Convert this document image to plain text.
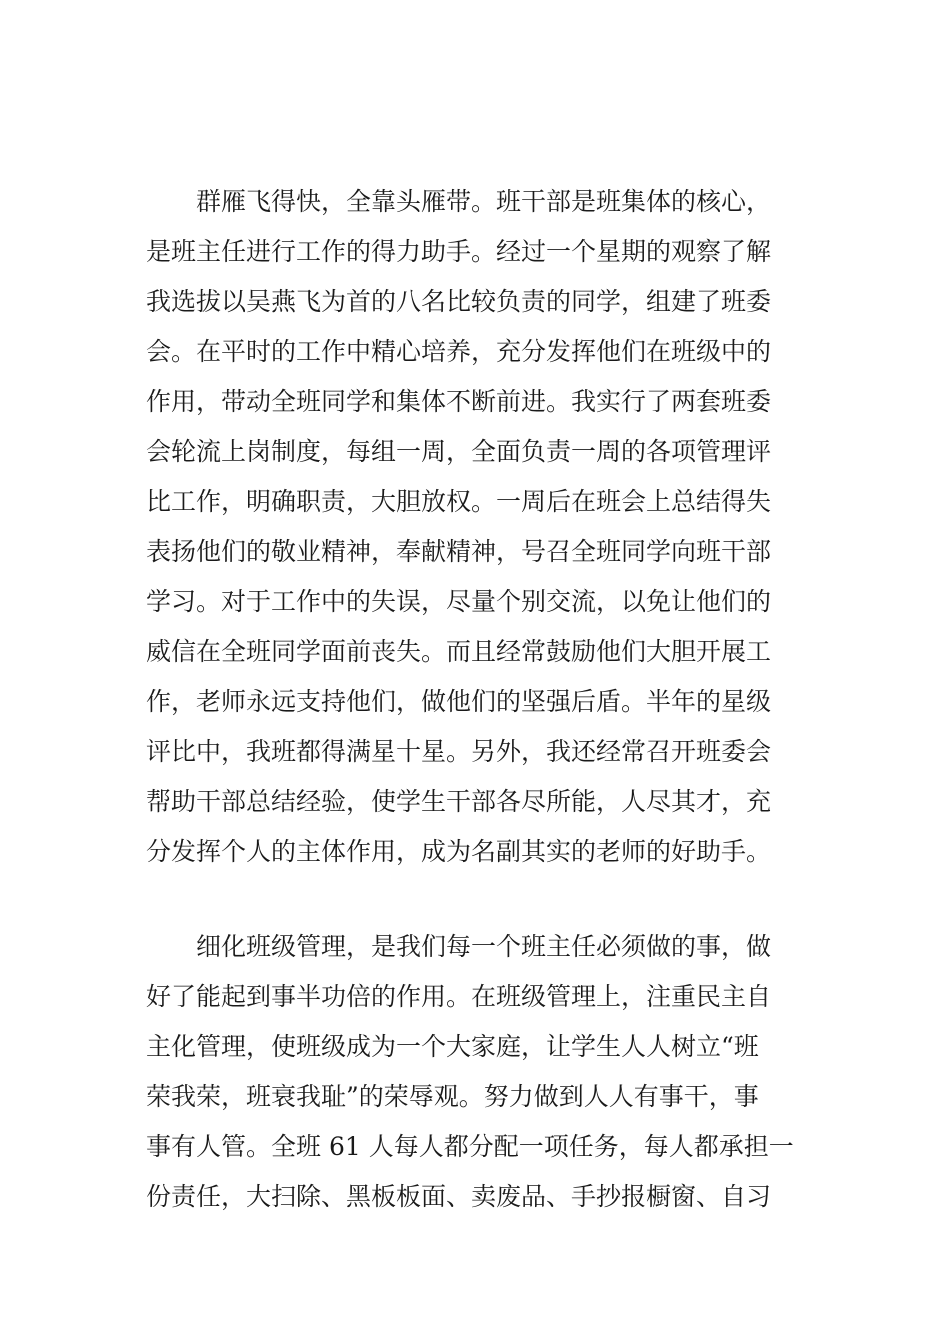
群雁飞得快，全靠头雁带。班干部是班集体的核心，
是班主任进行工作的得力助手。经过一个星期的观察了解
我选拔以吴燕飞为首的八名比较负责的同学，组建了班委
会。在平时的工作中精心培养，充分发挥他们在班级中的
作用，带动全班同学和集体不断前进。我实行了两套班委
会轮流上岗制度，每组一周，全面负责一周的各项管理评
比工作，明确职责，大胆放权。一周后在班会上总结得失
表扬他们的敬业精神，奉献精神，号召全班同学向班干部
学习。对于工作中的失误，尽量个别交流，以免让他们的
威信在全班同学面前丧失。而且经常鼓励他们大胆开展工
作，老师永远支持他们，做他们的坚强后盾。半年的星级
评比中，我班都得满星十星。另外，我还经常召开班委会
帮助干部总结经验，使学生干部各尽所能，人尽其才，充
分发挥个人的主体作用，成为名副其实的老师的好助手。
细化班级管理，是我们每一个班主任必须做的事，做
好了能起到事半功倍的作用。在班级管理上，注重民主自
主化管理，使班级成为一个大家庭，让学生人人树立“班
荣我荣，班衰我耻”的荣辱观。努力做到人人有事干，事
事有人管。全班 61 人每人都分配一项任务，每人都承担一
份责任，大扫除、黑板板面、卖废品、手抄报橱窗、自习
